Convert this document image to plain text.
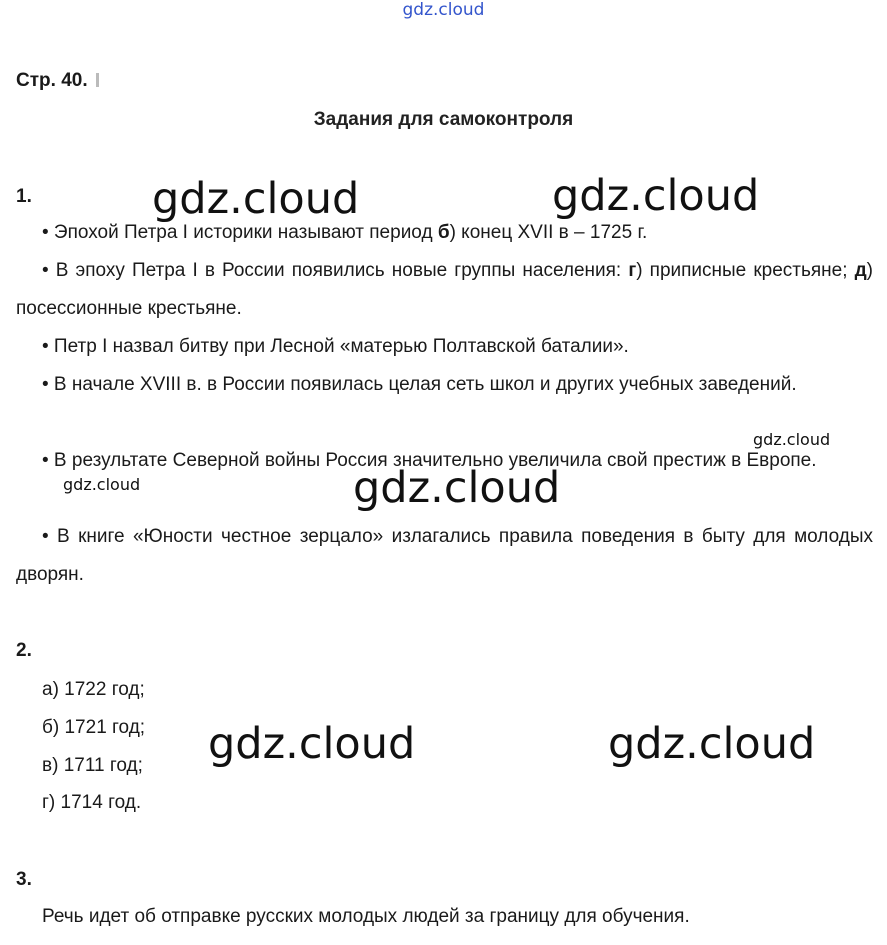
gdz.cloud
Стр. 40.
Задания для самоконтроля
1.
• Эпохой Петра I историки называют период б) конец XVII в – 1725 г.
• В эпоху Петра I в России появились новые группы населения: г) приписные крестьяне; д) посессионные крестьяне.
• Петр I назвал битву при Лесной «матерью Полтавской баталии».
• В начале XVIII в. в России появилась целая сеть школ и других учебных заведений.
• В результате Северной войны Россия значительно увеличила свой престиж в Европе.
• В книге «Юности честное зерцало» излагались правила поведения в быту для молодых дворян.
2.
а) 1722 год;
б) 1721 год;
в) 1711 год;
г) 1714 год.
3.
Речь идет об отправке русских молодых людей за границу для обучения.
gdz.cloud	gdz.cloud
gdz.cloud
gdz.cloud	gdz.cloud
gdz.cloud	gdz.cloud
